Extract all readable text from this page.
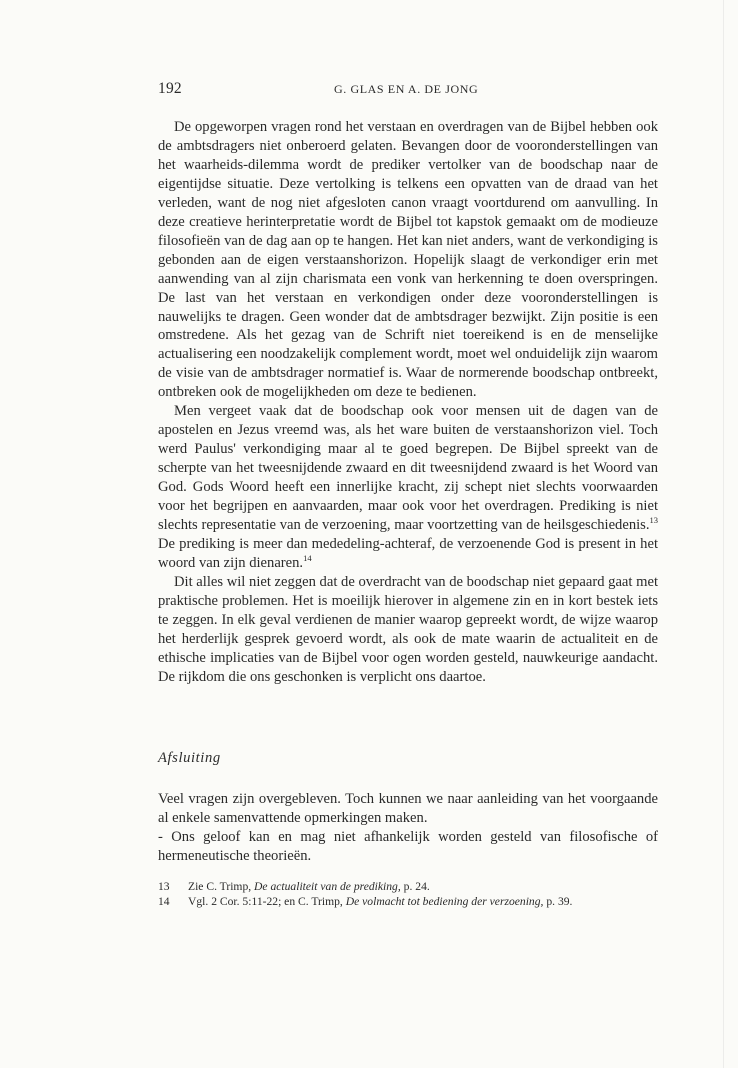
192	G. GLAS EN A. DE JONG

De opgeworpen vragen rond het verstaan en overdragen van de Bijbel hebben ook de ambtsdragers niet onberoerd gelaten. Bevangen door de vooronderstellingen van het waarheids-dilemma wordt de prediker vertolker van de boodschap naar de eigentijdse situatie. Deze vertolking is telkens een opvatten van de draad van het verleden, want de nog niet afgesloten canon vraagt voortdurend om aanvulling. In deze creatieve herinterpretatie wordt de Bijbel tot kapstok gemaakt om de modieuze filosofieën van de dag aan op te hangen. Het kan niet anders, want de verkondiging is gebonden aan de eigen verstaanshorizon. Hopelijk slaagt de verkondiger erin met aanwending van al zijn charismata een vonk van herkenning te doen overspringen. De last van het verstaan en verkondigen onder deze vooronderstellingen is nauwelijks te dragen. Geen wonder dat de ambtsdrager bezwijkt. Zijn positie is een omstredene. Als het gezag van de Schrift niet toereikend is en de menselijke actualisering een noodzakelijk complement wordt, moet wel onduidelijk zijn waarom de visie van de ambtsdrager normatief is. Waar de normerende boodschap ontbreekt, ontbreken ook de mogelijkheden om deze te bedienen.

Men vergeet vaak dat de boodschap ook voor mensen uit de dagen van de apostelen en Jezus vreemd was, als het ware buiten de verstaanshorizon viel. Toch werd Paulus' verkondiging maar al te goed begrepen. De Bijbel spreekt van de scherpte van het tweesnijdende zwaard en dit tweesnijdend zwaard is het Woord van God. Gods Woord heeft een innerlijke kracht, zij schept niet slechts voorwaarden voor het begrijpen en aanvaarden, maar ook voor het overdragen. Prediking is niet slechts representatie van de verzoening, maar voortzetting van de heilsgeschiedenis.$^{13}$ De prediking is meer dan mededeling-achteraf, de verzoenende God is present in het woord van zijn dienaren.$^{14}$

Dit alles wil niet zeggen dat de overdracht van de boodschap niet gepaard gaat met praktische problemen. Het is moeilijk hierover in algemene zin en in kort bestek iets te zeggen. In elk geval verdienen de manier waarop gepreekt wordt, de wijze waarop het herderlijk gesprek gevoerd wordt, als ook de mate waarin de actualiteit en de ethische implicaties van de Bijbel voor ogen worden gesteld, nauwkeurige aandacht. De rijkdom die ons geschonken is verplicht ons daartoe.

Afsluiting

Veel vragen zijn overgebleven. Toch kunnen we naar aanleiding van het voorgaande al enkele samenvattende opmerkingen maken.

- Ons geloof kan en mag niet afhankelijk worden gesteld van filosofische of hermeneutische theorieën.

13 Zie C. Trimp, De actualiteit van de prediking, p. 24.

14 Vgl. 2 Cor. 5:11-22; en C. Trimp, De volmacht tot bediening der verzoening, p. 39.
